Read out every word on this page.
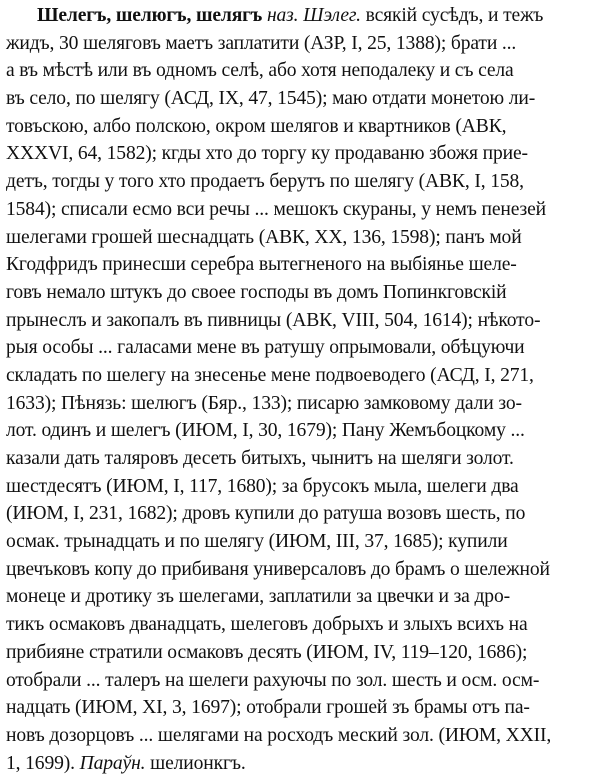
Шелегъ, шелюгъ, шелягъ наз. Шэлег. всякій сусѣдъ, и тежъ
жидъ, 30 шеляговъ маетъ заплатити (АЗР, I, 25, 1388); брати ...
а въ мѣстѣ или въ одномъ селѣ, або хотя неподалеку и съ села
въ село, по шелягу (АСД, IX, 47, 1545); маю отдати монетою ли-
товъскою, албо полскою, окром шелягов и квартников (АВК,
XXXVI, 64, 1582); кгды хто до торгу ку продаваню збожя прие-
детъ, тогды у того хто продаетъ берутъ по шелягу (АВК, I, 158,
1584); списали есмо вси речы ... мешокъ скураны, у немъ пенезей
шелегами грошей шеснадцать (АВК, XX, 136, 1598); панъ мой
Кгодфридъ принесши серебра вытегненого на выбіянье шеле-
говъ немало штукъ до своее господы въ домъ Попинкговскій
прынеслъ и закопалъ въ пивницы (АВК, VIII, 504, 1614); нѣкото-
рыя особы ... галасами мене въ ратушу опрымовали, обѣцуючи
складать по шелегу на знесенье мене подвоеводего (АСД, I, 271,
1633); Пѣнязь: шелюгъ (Бяр., 133); писарю замковому дали зо-
лот. одинъ и шелегъ (ИЮМ, I, 30, 1679); Пану Жемъбоцкому ...
казали дать таляровъ десеть битыхъ, чынитъ на шеляги золот.
шестдесятъ (ИЮМ, I, 117, 1680); за брусокъ мыла, шелеги два
(ИЮМ, I, 231, 1682); дровъ купили до ратуша возовъ шесть, по
осмак. трынадцать и по шелягу (ИЮМ, III, 37, 1685); купили
цвечъковъ копу до прибиваня универсаловъ до брамъ о шележной
монеце и дротику зъ шелегами, заплатили за цвечки и за дро-
тикъ осмаковъ дванадцать, шелеговъ добрыхъ и злыхъ всихъ на
прибияне стратили осмаковъ десять (ИЮМ, IV, 119–120, 1686);
отобрали ... талеръ на шелеги рахуючы по зол. шесть и осм. осм-
надцать (ИЮМ, XI, 3, 1697); отобрали грошей зъ брамы отъ па-
новъ дозорцовъ ... шелягами на росходъ меский зол. (ИЮМ, XXII,
1, 1699). Параўн. шелионкгъ.
